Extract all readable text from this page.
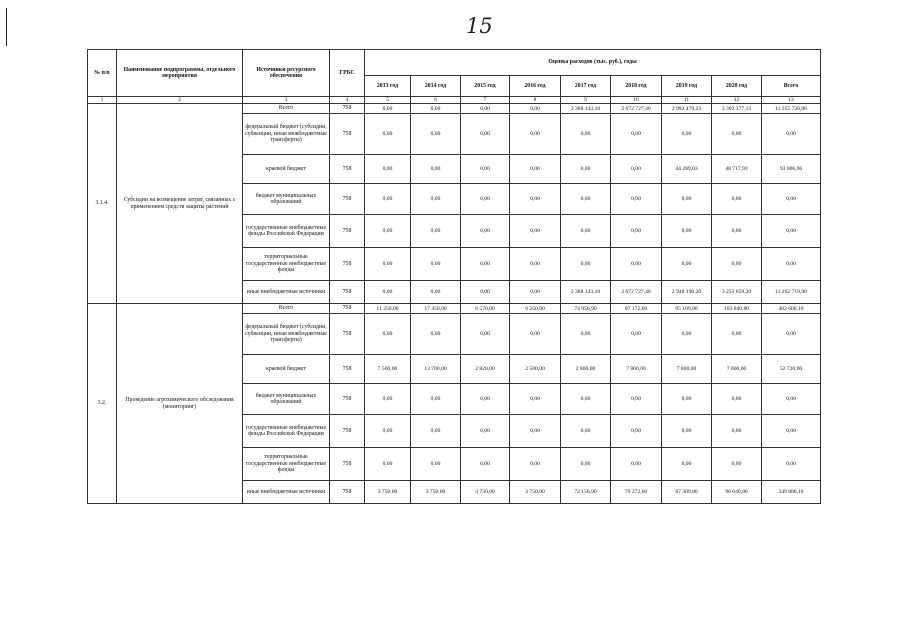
15
№ п/п	Наименование подпрограммы, отдельного мероприятия	Источники ресурсного обеспечения	ГРБС	Оценка расходов (тыс. руб.), годы								
				2013 год	2014 год	2015 год	2016 год	2017 год	2018 год	2019 год	2020 год	Всего
1	2	3	4	5	6	7	8	9	10	11	12	13
3.1.4.	Субсидии на возмещение затрат, связанных с применением средств защиты растений	Всего	758	0,00	0,00	0,00	0,00	2 388 143,10	2 672 727,40	2 992 479,23	3 302 377,13	11 355 726,86
		федеральный бюджет (субсидии, субвенции, иные межбюджетные трансферты)	758	0,00	0,00	0,00	0,00	0,00	0,00	0,00	0,00	0,00
		краевой бюджет	758	0,00	0,00	0,00	0,00	0,00	0,00	44 289,03	48 717,93	93 006,96
		бюджет муниципальных образований	758	0,00	0,00	0,00	0,00	0,00	0,00	0,00	0,00	0,00
		государственные внебюджетные фонды Российской Федерации	758	0,00	0,00	0,00	0,00	0,00	0,00	0,00	0,00	0,00
		территориальные государственные внебюджетные фонды	758	0,00	0,00	0,00	0,00	0,00	0,00	0,00	0,00	0,00
		иные внебюджетные источники	758	0,00	0,00	0,00	0,00	2 388 143,10	2 672 727,40	2 948 190,20	3 253 659,20	11 262 719,90
3.2.	Проведение агрохимического обследования (мониторинг)	Всего	758	11 250,00	17 450,00	6 570,00	6 250,00	74 956,90	87 172,60	95 109,80	103 840,80	402 600,10
		федеральный бюджет (субсидии, субвенции, иные межбюджетные трансферты)	758	0,00	0,00	0,00	0,00	0,00	0,00	0,00	0,00	0,00
		краевой бюджет	758	7 500,00	13 700,00	2 820,00	2 500,00	2 800,00	7 800,00	7 800,00	7 800,00	52 720,00
		бюджет муниципальных образований	758	0,00	0,00	0,00	0,00	0,00	0,00	0,00	0,00	0,00
		государственные внебюджетные фонды Российской Федерации	758	0,00	0,00	0,00	0,00	0,00	0,00	0,00	0,00	0,00
		территориальные государственные внебюджетные фонды	758	0,00	0,00	0,00	0,00	0,00	0,00	0,00	0,00	0,00
		иные внебюджетные источники	758	3 750,00	3 750,00	3 750,00	3 750,00	72 156,90	79 372,60	87 309,80	96 040,80	349 880,10
